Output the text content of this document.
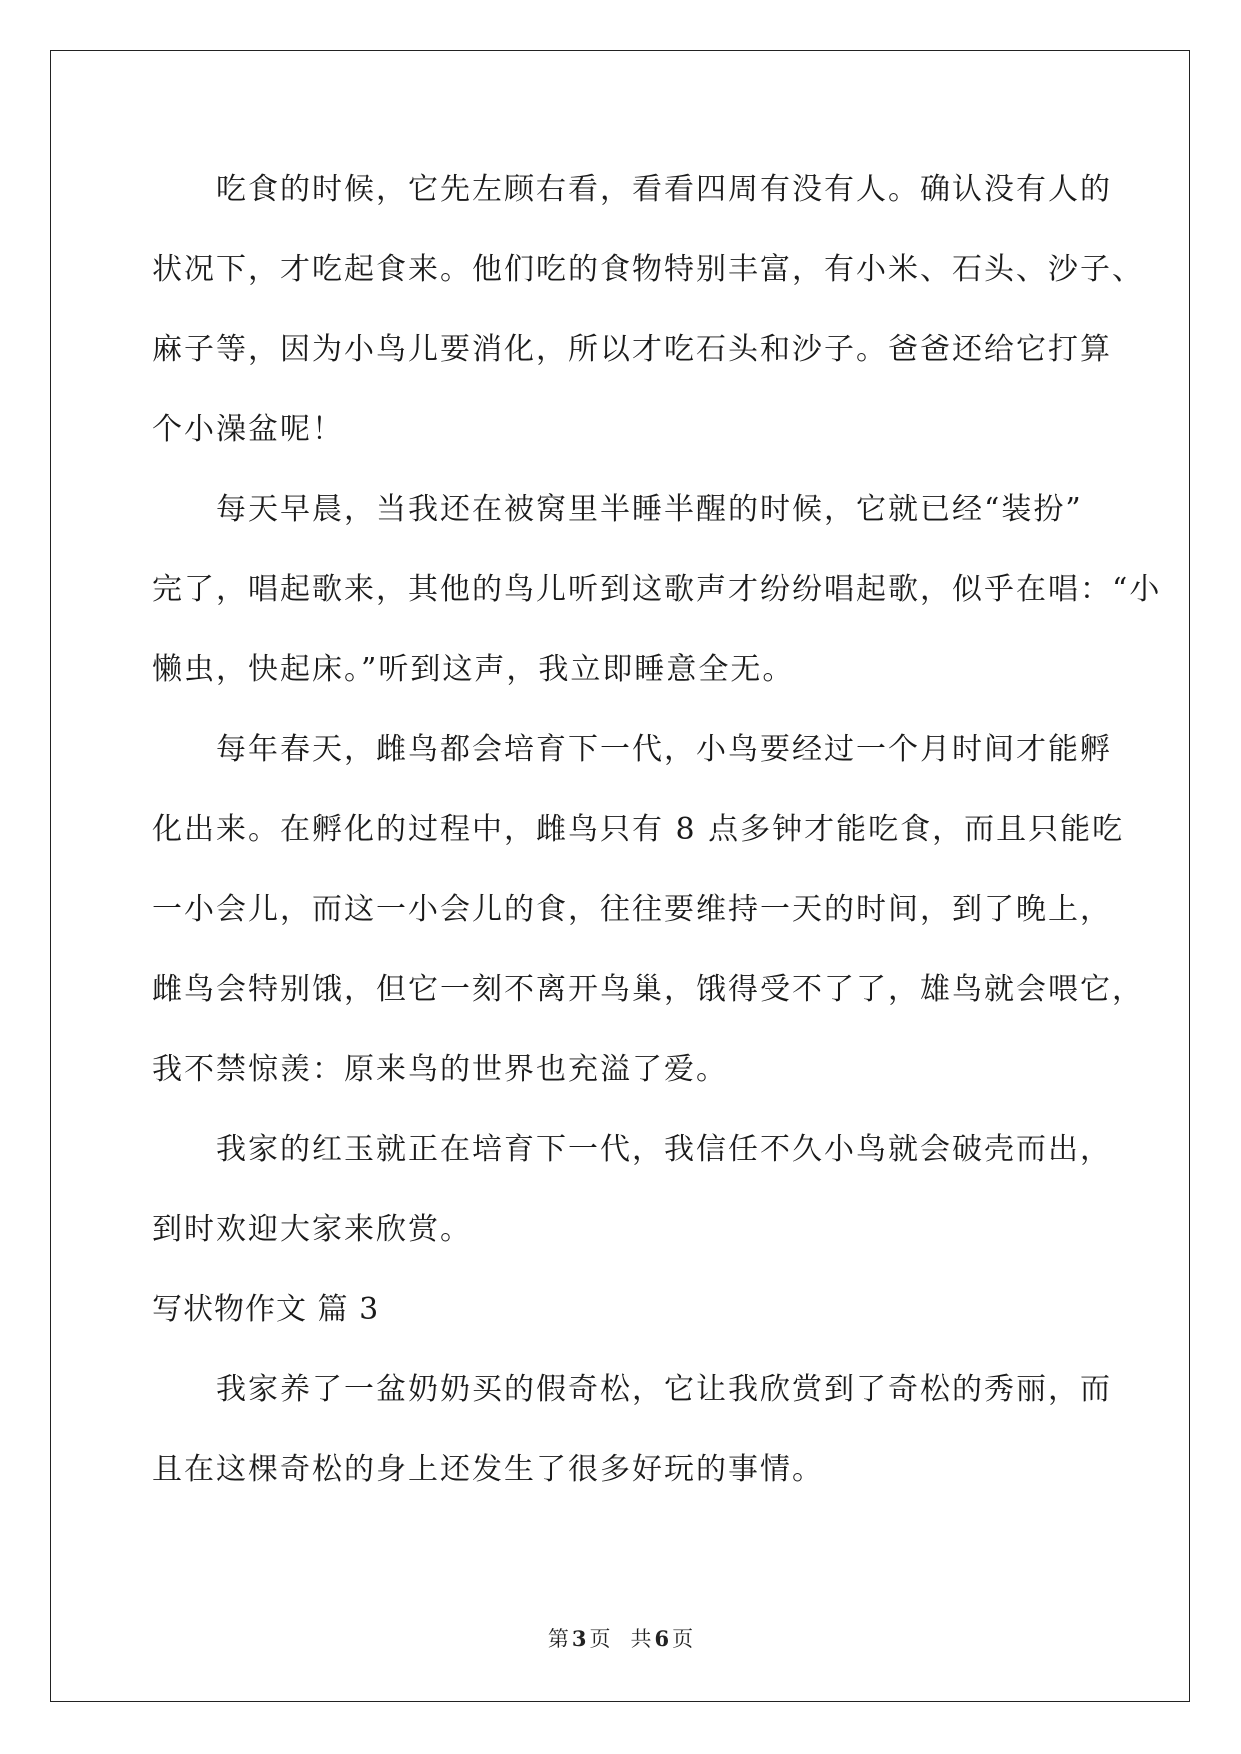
吃食的时候，它先左顾右看，看看四周有没有人。确认没有人的
状况下，才吃起食来。他们吃的食物特别丰富，有小米、石头、沙子、
麻子等，因为小鸟儿要消化，所以才吃石头和沙子。爸爸还给它打算
个小澡盆呢！
每天早晨，当我还在被窝里半睡半醒的时候，它就已经“装扮”
完了，唱起歌来，其他的鸟儿听到这歌声才纷纷唱起歌，似乎在唱：“小
懒虫，快起床。”听到这声，我立即睡意全无。
每年春天，雌鸟都会培育下一代，小鸟要经过一个月时间才能孵
化出来。在孵化的过程中，雌鸟只有 8 点多钟才能吃食，而且只能吃
一小会儿，而这一小会儿的食，往往要维持一天的时间，到了晚上，
雌鸟会特别饿，但它一刻不离开鸟巢，饿得受不了了，雄鸟就会喂它，
我不禁惊羡：原来鸟的世界也充溢了爱。
我家的红玉就正在培育下一代，我信任不久小鸟就会破壳而出，
到时欢迎大家来欣赏。
写状物作文 篇 3
我家养了一盆奶奶买的假奇松，它让我欣赏到了奇松的秀丽，而
且在这棵奇松的身上还发生了很多好玩的事情。
第 3 页 共 6 页
